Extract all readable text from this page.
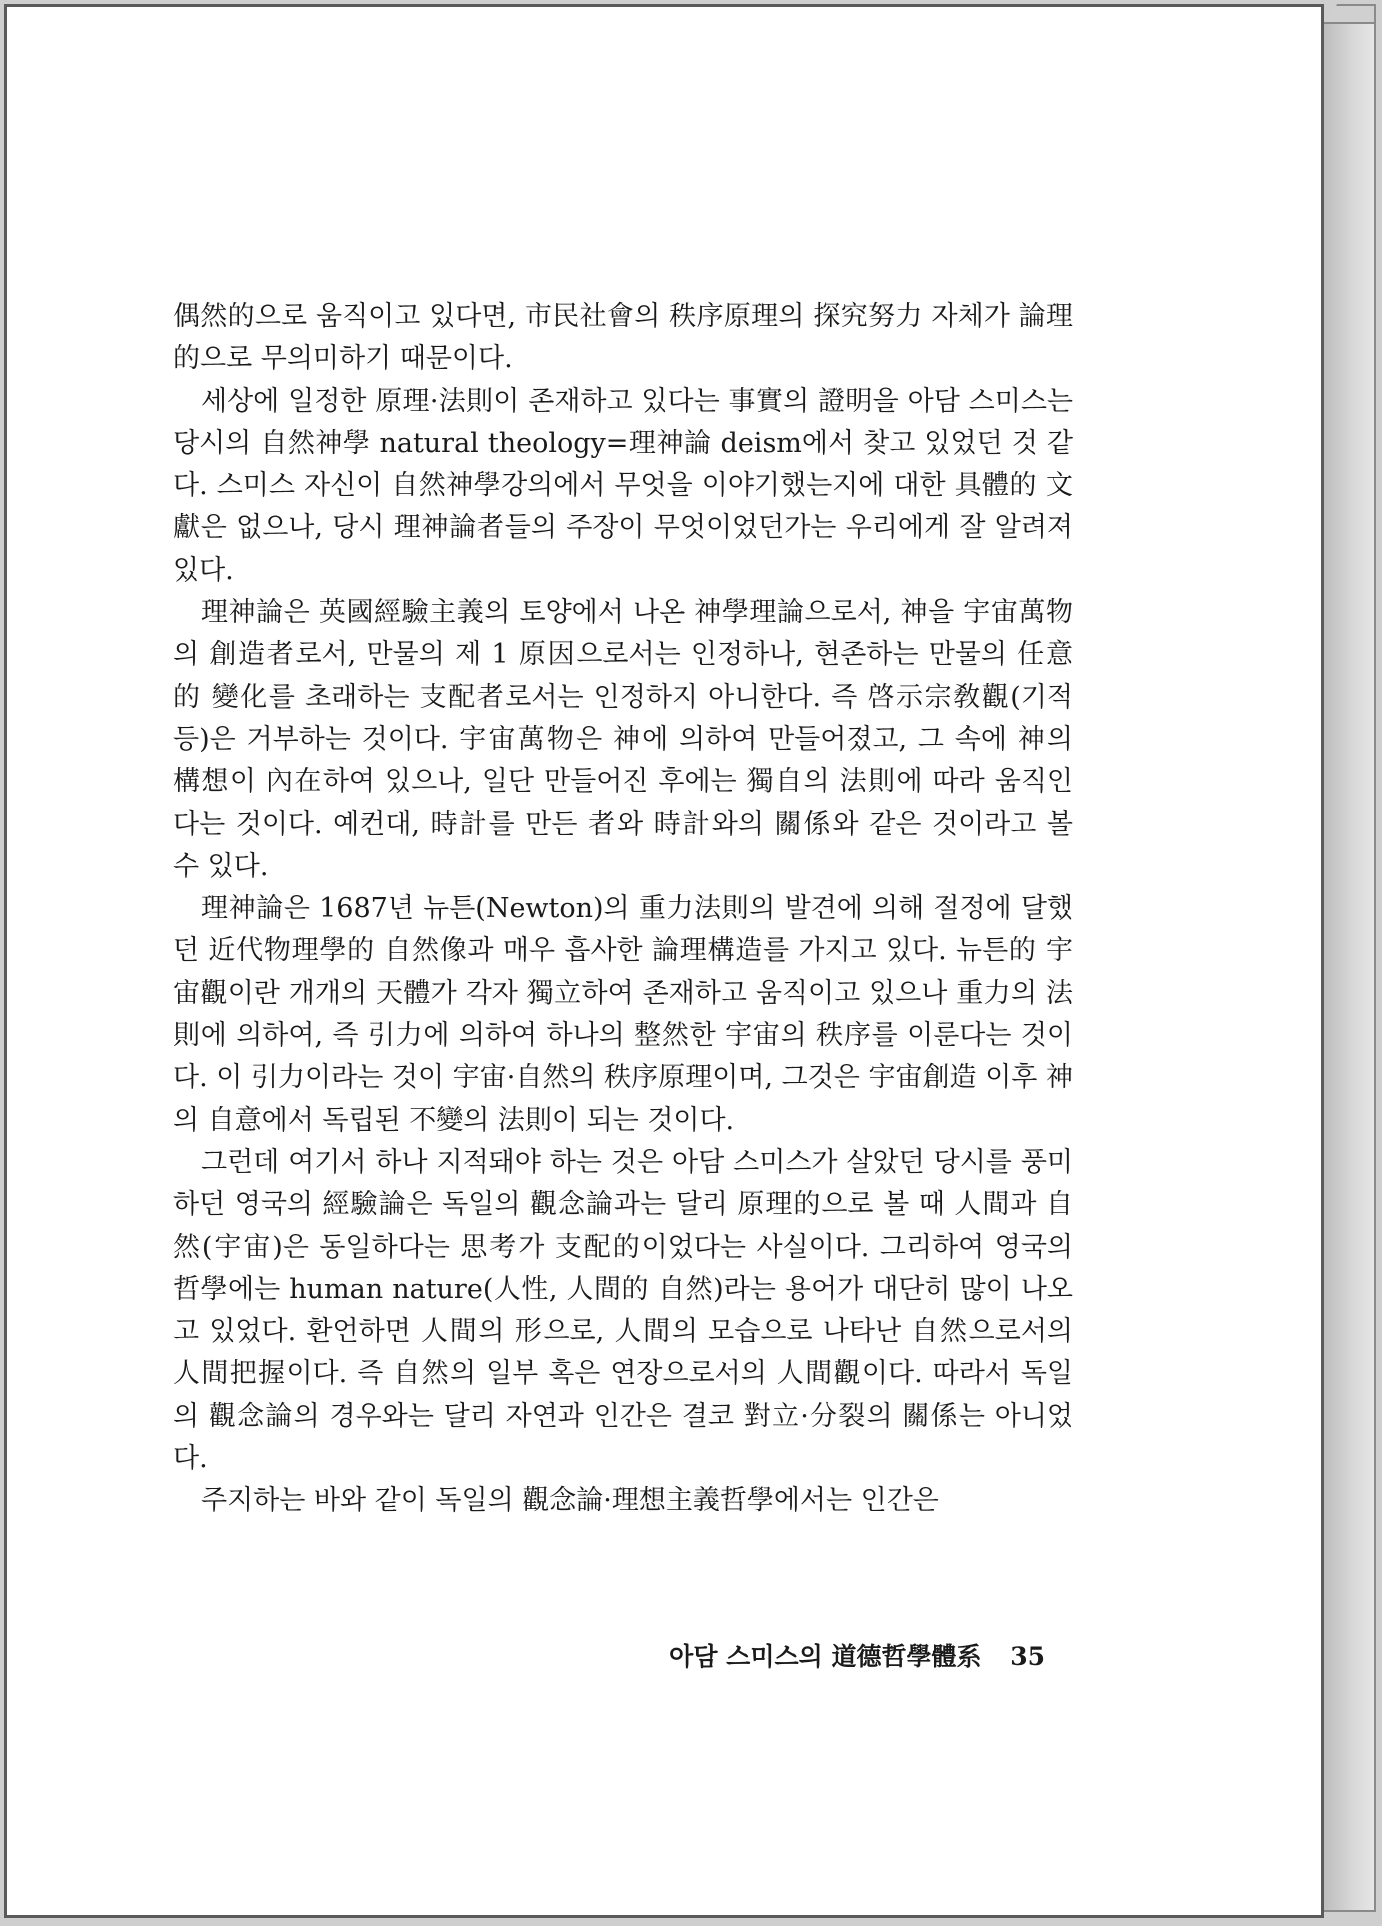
偶然的으로 움직이고 있다면, 市民社會의 秩序原理의 探究努力 자체가 論理的으로 무의미하기 때문이다.

세상에 일정한 原理·法則이 존재하고 있다는 事實의 證明을 아담 스미스는 당시의 自然神學 natural theology=理神論 deism에서 찾고 있었던 것 같다. 스미스 자신이 自然神學강의에서 무엇을 이야기했는지에 대한 具體的 文獻은 없으나, 당시 理神論者들의 주장이 무엇이었던가는 우리에게 잘 알려져 있다.

理神論은 英國經驗主義의 토양에서 나온 神學理論으로서, 神을 宇宙萬物의 創造者로서, 만물의 제 1 原因으로서는 인정하나, 현존하는 만물의 任意的 變化를 초래하는 支配者로서는 인정하지 아니한다. 즉 啓示宗敎觀(기적 등)은 거부하는 것이다. 宇宙萬物은 神에 의하여 만들어졌고, 그 속에 神의 構想이 內在하여 있으나, 일단 만들어진 후에는 獨自의 法則에 따라 움직인다는 것이다. 예컨대, 時計를 만든 者와 時計와의 關係와 같은 것이라고 볼 수 있다.

理神論은 1687년 뉴튼(Newton)의 重力法則의 발견에 의해 절정에 달했던 近代物理學的 自然像과 매우 흡사한 論理構造를 가지고 있다. 뉴튼的 宇宙觀이란 개개의 天體가 각자 獨立하여 존재하고 움직이고 있으나 重力의 法則에 의하여, 즉 引力에 의하여 하나의 整然한 宇宙의 秩序를 이룬다는 것이다. 이 引力이라는 것이 宇宙·自然의 秩序原理이며, 그것은 宇宙創造 이후 神의 自意에서 독립된 不變의 法則이 되는 것이다.

그런데 여기서 하나 지적돼야 하는 것은 아담 스미스가 살았던 당시를 풍미하던 영국의 經驗論은 독일의 觀念論과는 달리 原理的으로 볼 때 人間과 自然(宇宙)은 동일하다는 思考가 支配的이었다는 사실이다. 그리하여 영국의 哲學에는 human nature(人性, 人間的 自然)라는 용어가 대단히 많이 나오고 있었다. 환언하면 人間의 形으로, 人間의 모습으로 나타난 自然으로서의 人間把握이다. 즉 自然의 일부 혹은 연장으로서의 人間觀이다. 따라서 독일의 觀念論의 경우와는 달리 자연과 인간은 결코 對立·分裂의 關係는 아니었다.

주지하는 바와 같이 독일의 觀念論·理想主義哲學에서는 인간은

아담 스미스의 道德哲學體系 35
